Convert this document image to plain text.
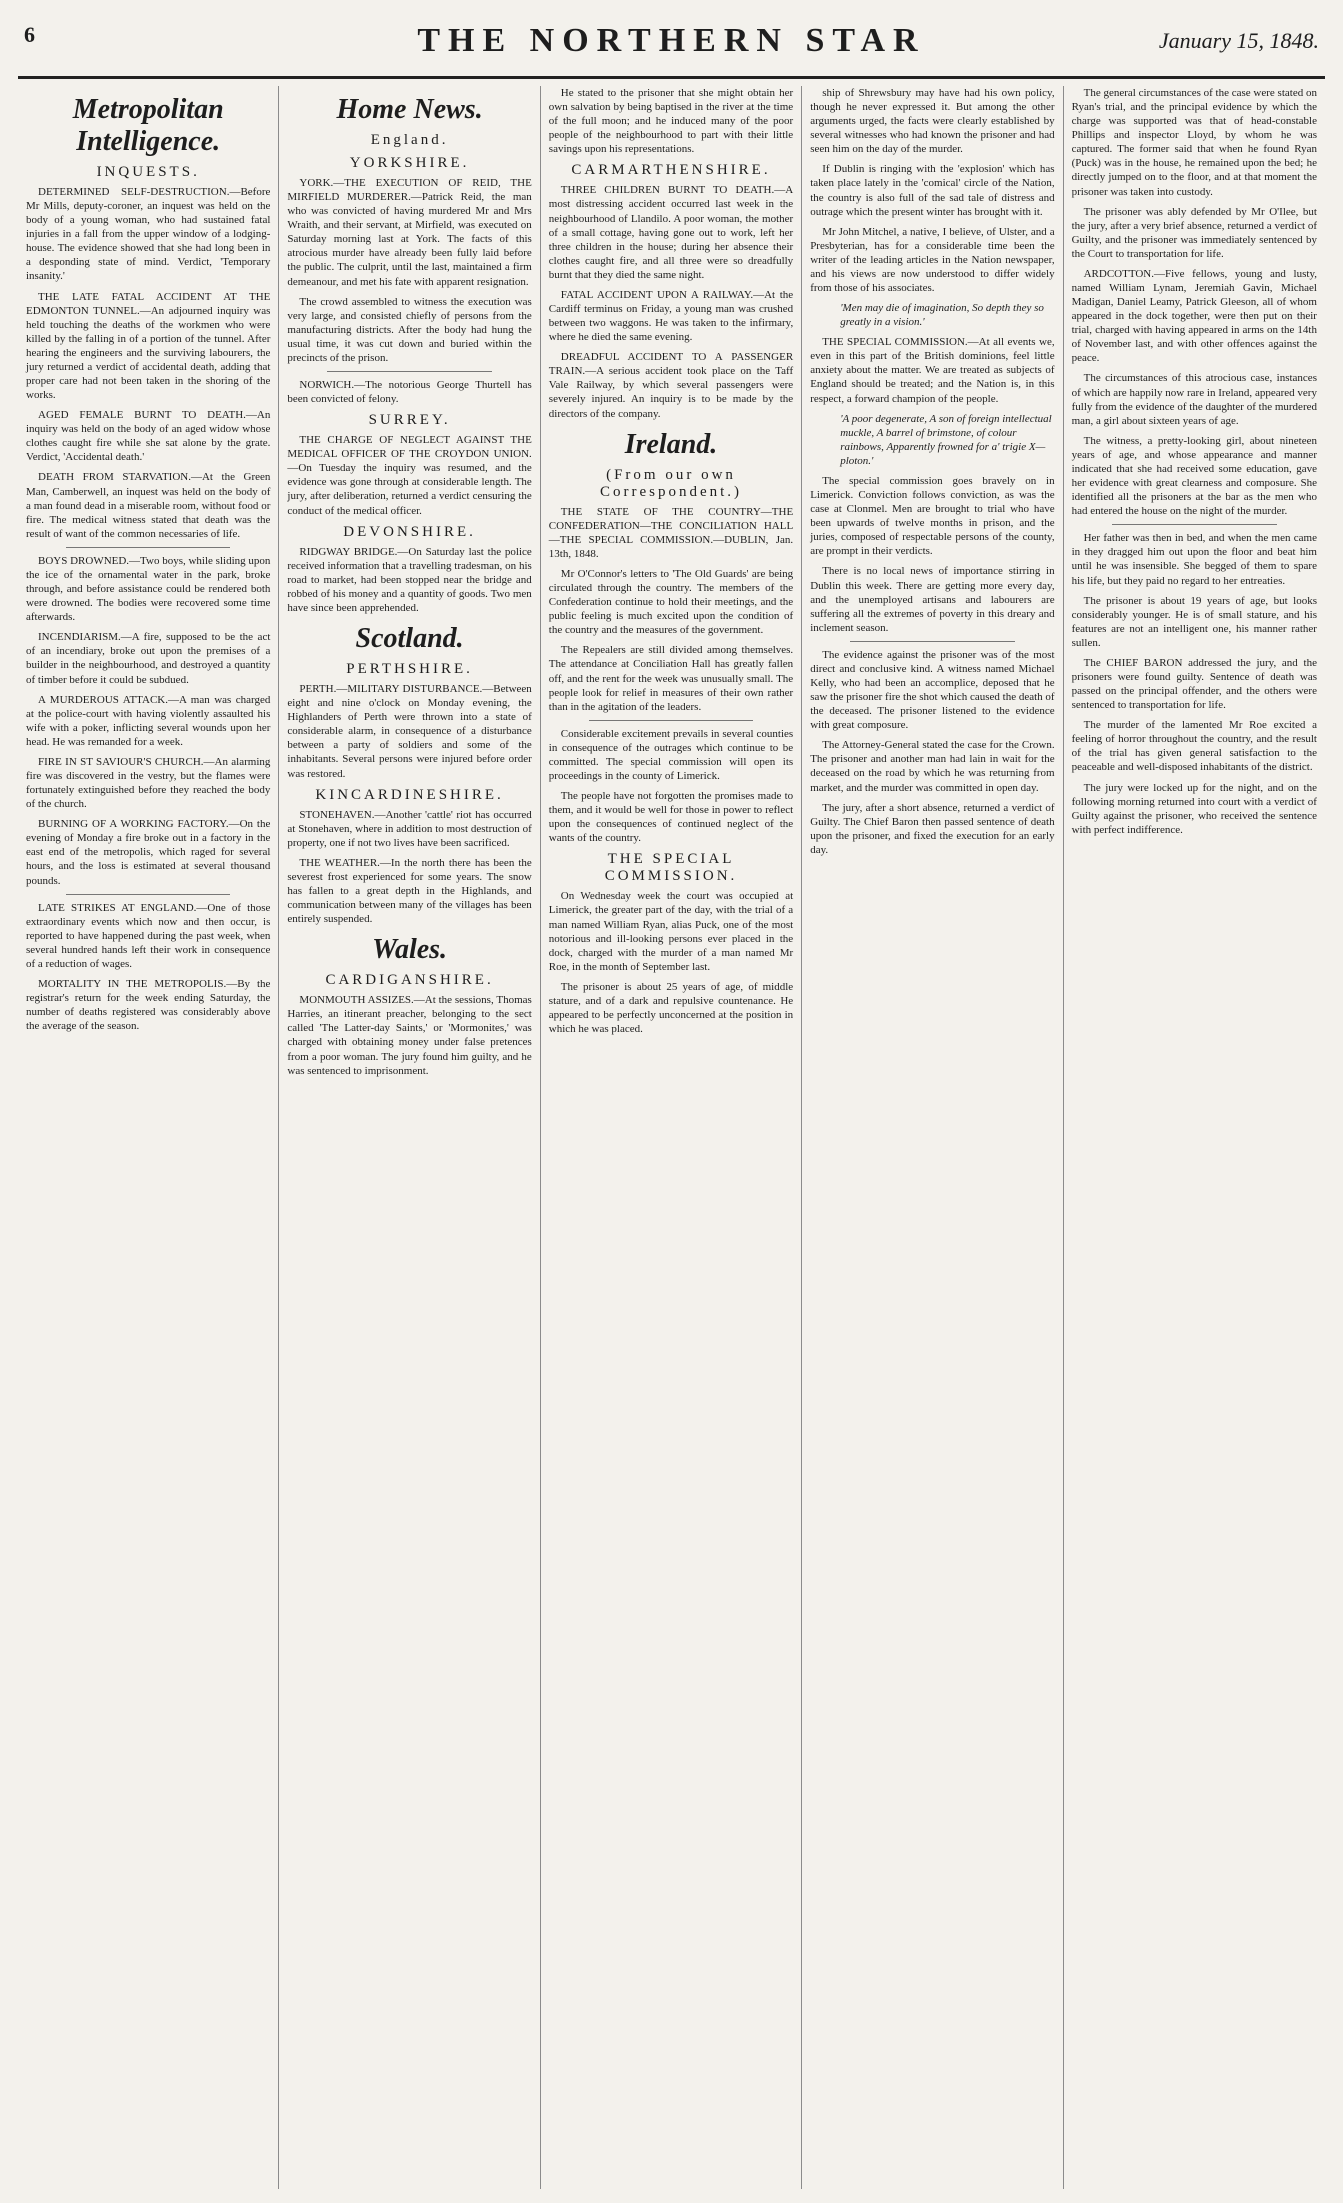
6	THE NORTHERN STAR	January 15, 1848.
Metropolitan Intelligence.
INQUESTS.

DETERMINED SELF-DESTRUCTION.—Before Mr Mills, deputy-coroner, an inquest was held on the body of a young woman, who had sustained fatal injuries in a fall from the upper window of a lodging-house. The evidence showed that she had long been in a desponding state of mind. Verdict, 'Temporary insanity.'

THE LATE FATAL ACCIDENT AT THE EDMONTON TUNNEL.—An adjourned inquiry was held touching the deaths of the workmen who were killed by the falling in of a portion of the tunnel. After hearing the engineers and the surviving labourers, the jury returned a verdict of accidental death, adding that proper care had not been taken in the shoring of the works.

AGED FEMALE BURNT TO DEATH.—An inquiry was held on the body of an aged widow whose clothes caught fire while she sat alone by the grate. Verdict, 'Accidental death.'

DEATH FROM STARVATION.—At the Green Man, Camberwell, an inquest was held on the body of a man found dead in a miserable room, without food or fire. The medical witness stated that death was the result of want of the common necessaries of life.

BOYS DROWNED.—Two boys, while sliding upon the ice of the ornamental water in the park, broke through, and before assistance could be rendered both were drowned. The bodies were recovered some time afterwards.

INCENDIARISM.—A fire, supposed to be the act of an incendiary, broke out upon the premises of a builder in the neighbourhood, and destroyed a quantity of timber before it could be subdued.

A MURDEROUS ATTACK.—A man was charged at the police-court with having violently assaulted his wife with a poker, inflicting several wounds upon her head. He was remanded for a week.

FIRE IN ST SAVIOUR'S CHURCH.—An alarming fire was discovered in the vestry, but the flames were fortunately extinguished before they reached the body of the church.

BURNING OF A WORKING FACTORY.—On the evening of Monday a fire broke out in a factory in the east end of the metropolis, which raged for several hours, and the loss is estimated at several thousand pounds.

LATE STRIKES AT ENGLAND.—One of those extraordinary events which now and then occur, is reported to have happened during the past week, when several hundred hands left their work in consequence of a reduction of wages.

MORTALITY IN THE METROPOLIS.—By the registrar's return for the week ending Saturday, the number of deaths registered was considerably above the average of the season.

Home News.
England.
YORKSHIRE.

YORK.—THE EXECUTION OF REID, THE MIRFIELD MURDERER.—Patrick Reid, the man who was convicted of having murdered Mr and Mrs Wraith, and their servant, at Mirfield, was executed on Saturday morning last at York. The facts of this atrocious murder have already been fully laid before the public. The culprit, until the last, maintained a firm demeanour, and met his fate with apparent resignation.

The crowd assembled to witness the execution was very large, and consisted chiefly of persons from the manufacturing districts. After the body had hung the usual time, it was cut down and buried within the precincts of the prison.

NORWICH.—The notorious George Thurtell has been convicted of felony.

SURREY.

THE CHARGE OF NEGLECT AGAINST THE MEDICAL OFFICER OF THE CROYDON UNION.—On Tuesday the inquiry was resumed, and the evidence was gone through at considerable length. The jury, after deliberation, returned a verdict censuring the conduct of the medical officer.

DEVONSHIRE.

RIDGWAY BRIDGE.—On Saturday last the police received information that a travelling tradesman, on his road to market, had been stopped near the bridge and robbed of his money and a quantity of goods. Two men have since been apprehended.

Scotland.
PERTHSHIRE.

PERTH.—MILITARY DISTURBANCE.—Between eight and nine o'clock on Monday evening, the Highlanders of Perth were thrown into a state of considerable alarm, in consequence of a disturbance between a party of soldiers and some of the inhabitants. Several persons were injured before order was restored.

KINCARDINESHIRE.

STONEHAVEN.—Another 'cattle' riot has occurred at Stonehaven, where in addition to most destruction of property, one if not two lives have been sacrificed.

THE WEATHER.—In the north there has been the severest frost experienced for some years. The snow has fallen to a great depth in the Highlands, and communication between many of the villages has been entirely suspended.

Wales.
CARDIGANSHIRE.

MONMOUTH ASSIZES.—At the sessions, Thomas Harries, an itinerant preacher, belonging to the sect called 'The Latter-day Saints,' or 'Mormonites,' was charged with obtaining money under false pretences from a poor woman. The jury found him guilty, and he was sentenced to imprisonment.

He stated to the prisoner that she might obtain her own salvation by being baptised in the river at the time of the full moon; and he induced many of the poor people of the neighbourhood to part with their little savings upon his representations.

CARMARTHENSHIRE.

THREE CHILDREN BURNT TO DEATH.—A most distressing accident occurred last week in the neighbourhood of Llandilo. A poor woman, the mother of a small cottage, having gone out to work, left her three children in the house; during her absence their clothes caught fire, and all three were so dreadfully burnt that they died the same night.

FATAL ACCIDENT UPON A RAILWAY.—At the Cardiff terminus on Friday, a young man was crushed between two waggons. He was taken to the infirmary, where he died the same evening.

DREADFUL ACCIDENT TO A PASSENGER TRAIN.—A serious accident took place on the Taff Vale Railway, by which several passengers were severely injured. An inquiry is to be made by the directors of the company.

Ireland.
(From our own Correspondent.)

THE STATE OF THE COUNTRY—THE CONFEDERATION—THE CONCILIATION HALL—THE SPECIAL COMMISSION.—DUBLIN, Jan. 13th, 1848.

Mr O'Connor's letters to 'The Old Guards' are being circulated through the country. The members of the Confederation continue to hold their meetings, and the public feeling is much excited upon the condition of the country and the measures of the government.

The Repealers are still divided among themselves. The attendance at Conciliation Hall has greatly fallen off, and the rent for the week was unusually small. The people look for relief in measures of their own rather than in the agitation of the leaders.

Considerable excitement prevails in several counties in consequence of the outrages which continue to be committed. The special commission will open its proceedings in the county of Limerick.

The people have not forgotten the promises made to them, and it would be well for those in power to reflect upon the consequences of continued neglect of the wants of the country.

THE SPECIAL COMMISSION.

On Wednesday week the court was occupied at Limerick, the greater part of the day, with the trial of a man named William Ryan, alias Puck, one of the most notorious and ill-looking persons ever placed in the dock, charged with the murder of a man named Mr Roe, in the month of September last.

The prisoner is about 25 years of age, of middle stature, and of a dark and repulsive countenance. He appeared to be perfectly unconcerned at the position in which he was placed.

ship of Shrewsbury may have had his own policy, though he never expressed it. But among the other arguments urged, the facts were clearly established by several witnesses who had known the prisoner and had seen him on the day of the murder.

If Dublin is ringing with the 'explosion' which has taken place lately in the 'comical' circle of the Nation, the country is also full of the sad tale of distress and outrage which the present winter has brought with it.

Mr John Mitchel, a native, I believe, of Ulster, and a Presbyterian, has for a considerable time been the writer of the leading articles in the Nation newspaper, and his views are now understood to differ widely from those of his associates.

'Men may die of imagination, So depth they so greatly in a vision.'

THE SPECIAL COMMISSION.—At all events we, even in this part of the British dominions, feel little anxiety about the matter. We are treated as subjects of England should be treated; and the Nation is, in this respect, a forward champion of the people.

'A poor degenerate, A son of foreign intellectual muckle, A barrel of brimstone, of colour rainbows, Apparently frowned for a' trigie X—ploton.'

The special commission goes bravely on in Limerick. Conviction follows conviction, as was the case at Clonmel. Men are brought to trial who have been upwards of twelve months in prison, and the juries, composed of respectable persons of the county, are prompt in their verdicts.

There is no local news of importance stirring in Dublin this week. There are getting more every day, and the unemployed artisans and labourers are suffering all the extremes of poverty in this dreary and inclement season.

The evidence against the prisoner was of the most direct and conclusive kind. A witness named Michael Kelly, who had been an accomplice, deposed that he saw the prisoner fire the shot which caused the death of the deceased. The prisoner listened to the evidence with great composure.

The Attorney-General stated the case for the Crown. The prisoner and another man had lain in wait for the deceased on the road by which he was returning from market, and the murder was committed in open day.

The jury, after a short absence, returned a verdict of Guilty. The Chief Baron then passed sentence of death upon the prisoner, and fixed the execution for an early day.

The general circumstances of the case were stated on Ryan's trial, and the principal evidence by which the charge was supported was that of head-constable Phillips and inspector Lloyd, by whom he was captured. The former said that when he found Ryan (Puck) was in the house, he remained upon the bed; he directly jumped on to the floor, and at that moment the prisoner was taken into custody.

The prisoner was ably defended by Mr O'Ilee, but the jury, after a very brief absence, returned a verdict of Guilty, and the prisoner was immediately sentenced by the Court to transportation for life.

ARDCOTTON.—Five fellows, young and lusty, named William Lynam, Jeremiah Gavin, Michael Madigan, Daniel Leamy, Patrick Gleeson, all of whom appeared in the dock together, were then put on their trial, charged with having appeared in arms on the 14th of November last, and with other offences against the peace.

The circumstances of this atrocious case, instances of which are happily now rare in Ireland, appeared very fully from the evidence of the daughter of the murdered man, a girl about sixteen years of age.

The witness, a pretty-looking girl, about nineteen years of age, and whose appearance and manner indicated that she had received some education, gave her evidence with great clearness and composure. She identified all the prisoners at the bar as the men who had entered the house on the night of the murder.

Her father was then in bed, and when the men came in they dragged him out upon the floor and beat him until he was insensible. She begged of them to spare his life, but they paid no regard to her entreaties.

The prisoner is about 19 years of age, but looks considerably younger. He is of small stature, and his features are not an intelligent one, his manner rather sullen.

The CHIEF BARON addressed the jury, and the prisoners were found guilty. Sentence of death was passed on the principal offender, and the others were sentenced to transportation for life.

The murder of the lamented Mr Roe excited a feeling of horror throughout the country, and the result of the trial has given general satisfaction to the peaceable and well-disposed inhabitants of the district.

The jury were locked up for the night, and on the following morning returned into court with a verdict of Guilty against the prisoner, who received the sentence with perfect indifference.
